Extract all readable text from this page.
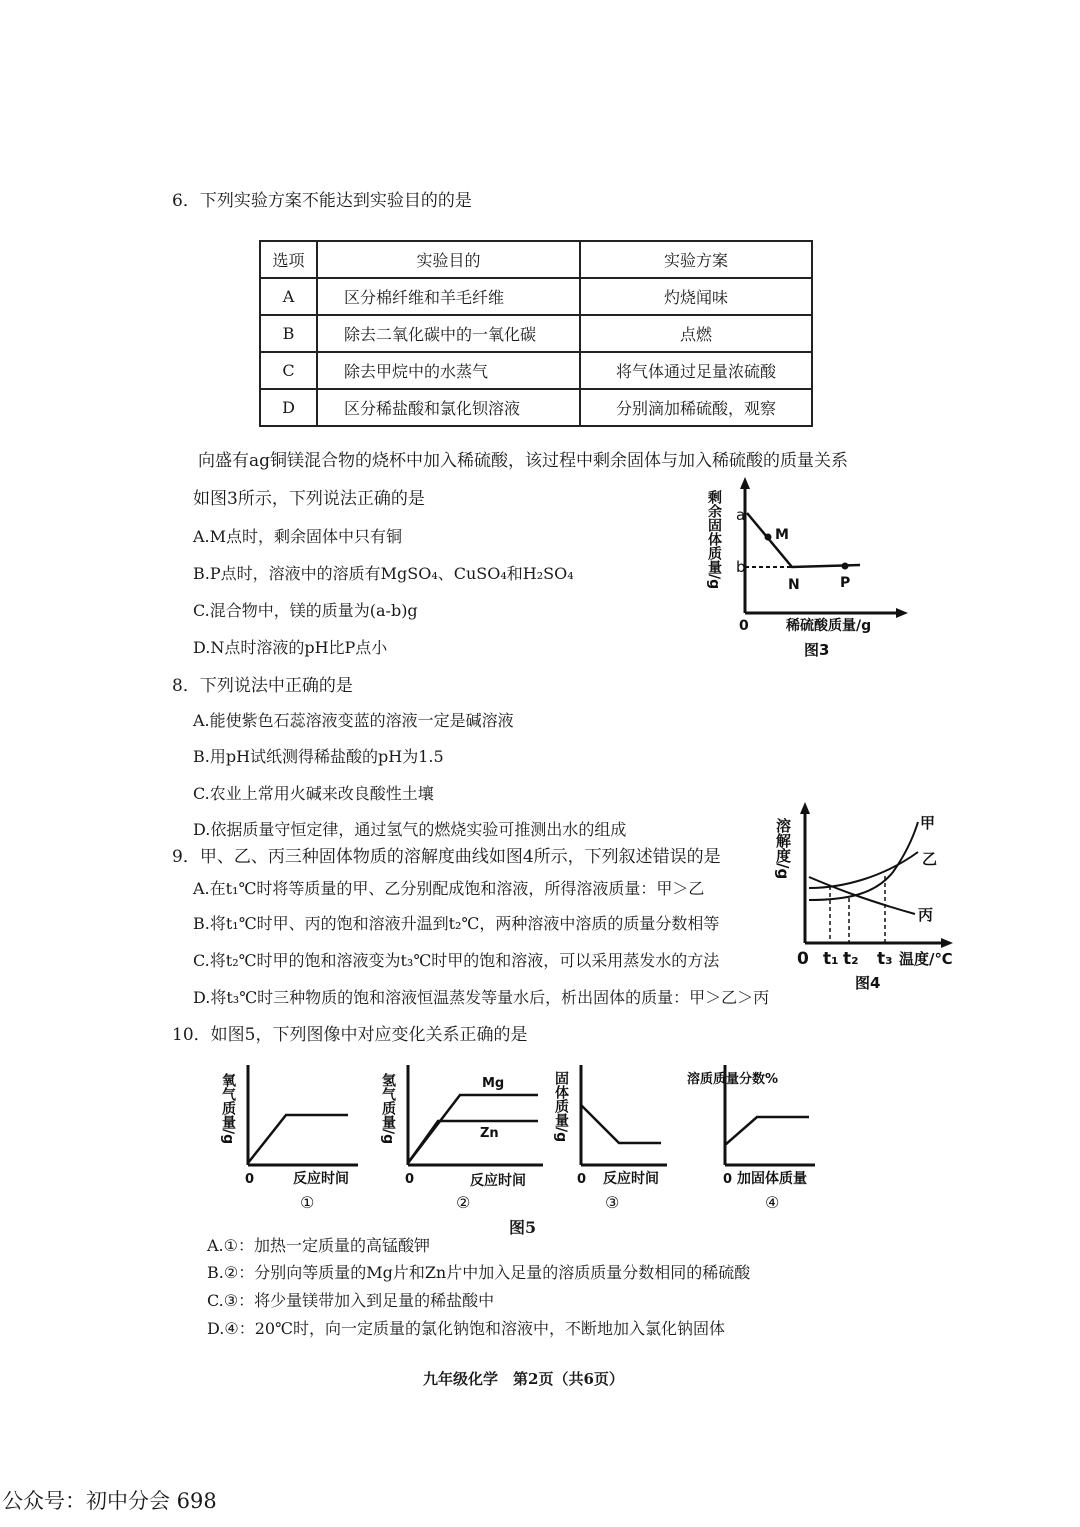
6．下列实验方案不能达到实验目的的是
选项	实验目的	实验方案
A	区分棉纤维和羊毛纤维	灼烧闻味
B	除去二氧化碳中的一氧化碳	点燃
C	除去甲烷中的水蒸气	将气体通过足量浓硫酸
D	区分稀盐酸和氯化钡溶液	分别滴加稀硫酸，观察
向盛有ag铜镁混合物的烧杯中加入稀硫酸，该过程中剩余固体与加入稀硫酸的质量关系
如图3所示，下列说法正确的是
A.M点时，剩余固体中只有铜
B.P点时，溶液中的溶质有MgSO₄、CuSO₄和H₂SO₄
C.混合物中，镁的质量为(a-b)g
D.N点时溶液的pH比P点小
剩余固体质量/g a
b
M
N	P
0	稀硫酸质量/g
图3
8．下列说法中正确的是
A.能使紫色石蕊溶液变蓝的溶液一定是碱溶液
B.用pH试纸测得稀盐酸的pH为1.5
C.农业上常用火碱来改良酸性土壤
D.依据质量守恒定律，通过氢气的燃烧实验可推测出水的组成
9．甲、乙、丙三种固体物质的溶解度曲线如图4所示，下列叙述错误的是
A.在t₁℃时将等质量的甲、乙分别配成饱和溶液，所得溶液质量：甲＞乙
B.将t₁℃时甲、丙的饱和溶液升温到t₂℃，两种溶液中溶质的质量分数相等
C.将t₂℃时甲的饱和溶液变为t₃℃时甲的饱和溶液，可以采用蒸发水的方法
D.将t₃℃时三种物质的饱和溶液恒温蒸发等量水后，析出固体的质量：甲＞乙＞丙
溶解度/g	甲
乙
丙
0 t₁ t₂ t₃ 温度/℃
图4
10．如图5，下列图像中对应变化关系正确的是
氧气质量/g
0	反应时间
①
氢气质量/g	Mg
Zn
0	反应时间
②
固体质量/g
0 反应时间
③
溶质质量分数%
0 加固体质量
④
图5
A.①：加热一定质量的高锰酸钾
B.②：分别向等质量的Mg片和Zn片中加入足量的溶质质量分数相同的稀硫酸
C.③：将少量镁带加入到足量的稀盐酸中
D.④：20℃时，向一定质量的氯化钠饱和溶液中，不断地加入氯化钠固体
九年级化学　第2页（共6页）
公众号：初中分会 698
